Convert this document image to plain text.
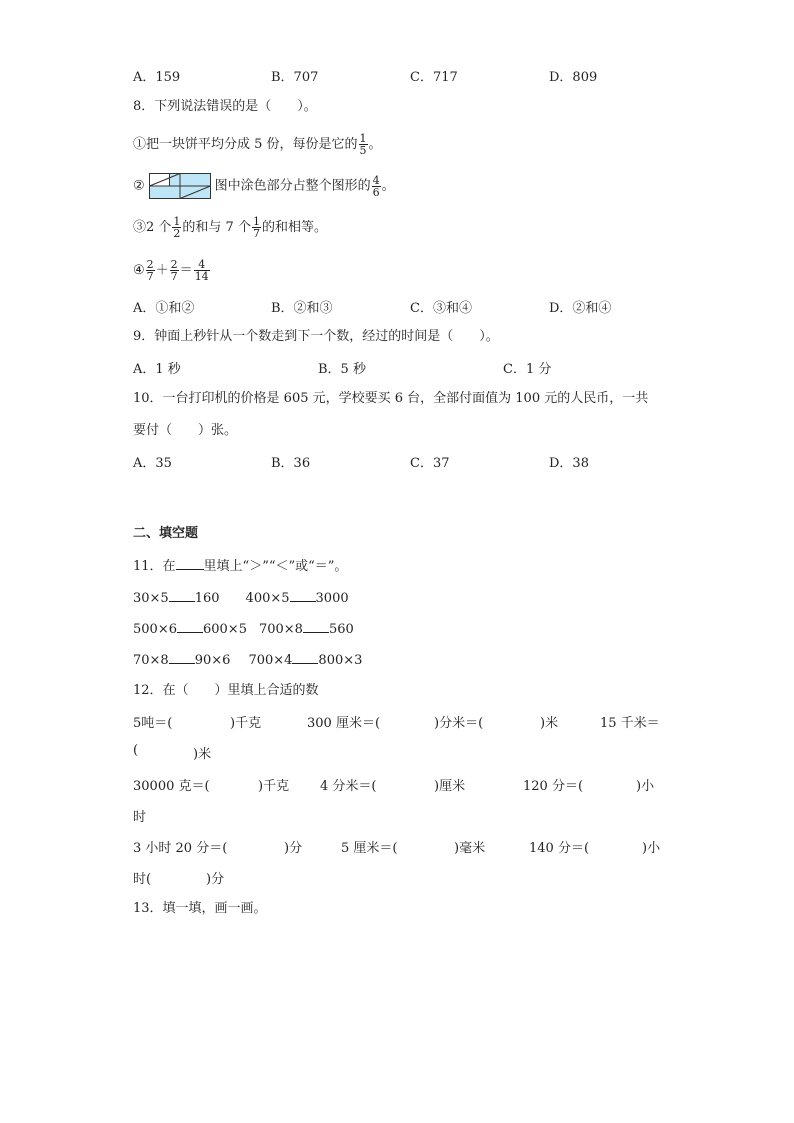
A．159	B．707	C．717	D．809
8．下列说法错误的是（　　）。
①把一块饼平均分成 5 份，每份是它的 $\frac{1}{5}$ 。
②	图中涂色部分占整个图形的 $\frac{4}{6}$ 。
③2 个 $\frac{1}{2}$ 的和与 7 个 $\frac{1}{7}$ 的和相等。
④ $\frac{2}{7} + \frac{2}{7} = \frac{4}{14}$
A．①和②	B．②和③	C．③和④	D．②和④
9．钟面上秒针从一个数走到下一个数，经过的时间是（　　）。
A．1 秒	B．5 秒	C．1 分
10．一台打印机的价格是 605 元，学校要买 6 台，全部付面值为 100 元的人民币，一共
要付（　　）张。
A．35	B．36	C．37	D．38
二、填空题
11．在 里填上“＞”“＜”或“＝”。
30×5 160 400×5 3000
500×6 600×5 700×8 560
70×8 90×6 700×4 800×3
12．在（　　）里填上合适的数
5吨＝(	)千克	300 厘米＝(	)分米＝(	)米	15 千米＝
(	)米
30000 克＝(	)千克 4 分米＝(	)厘米	120 分＝(	)小
时
3 小时 20 分＝(	)分	5 厘米＝(	)毫米	140 分＝(	)小
时(	)分
13．填一填，画一画。
